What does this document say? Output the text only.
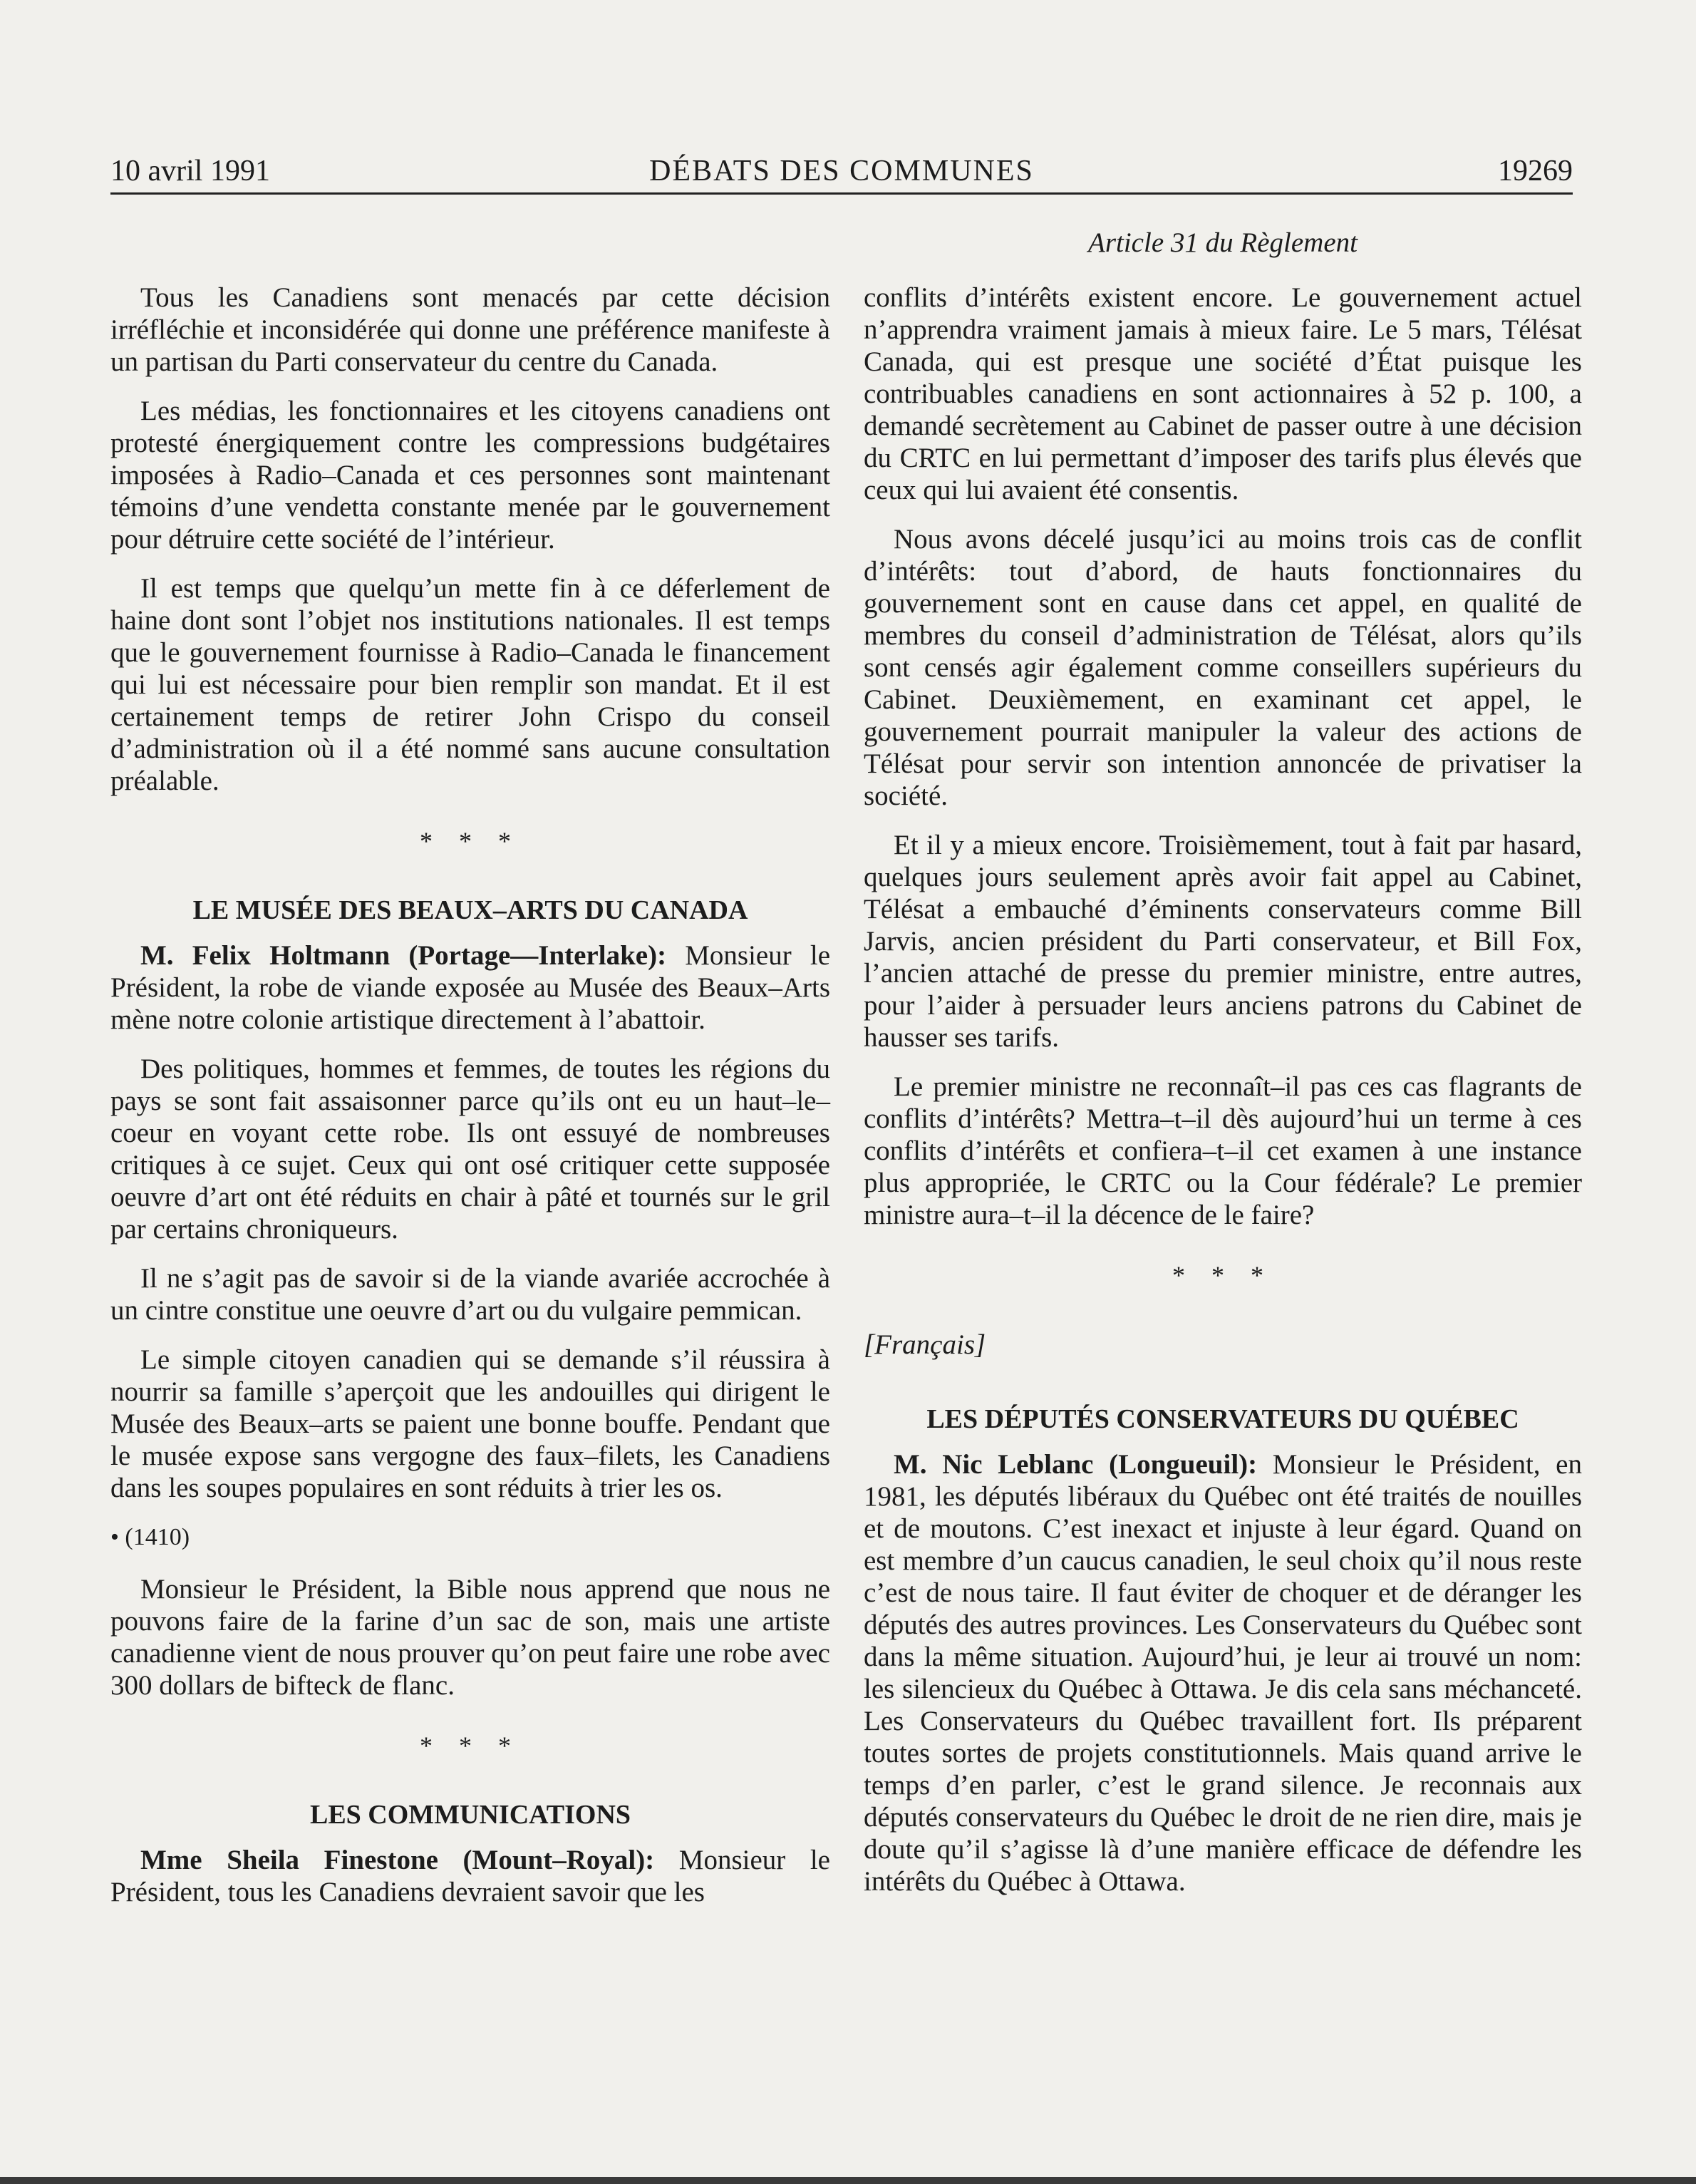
10 avril 1991	DÉBATS DES COMMUNES	19269
Article 31 du Règlement

Tous les Canadiens sont menacés par cette décision irréfléchie et inconsidérée qui donne une préférence manifeste à un partisan du Parti conservateur du centre du Canada.

Les médias, les fonctionnaires et les citoyens canadiens ont protesté énergiquement contre les compressions budgétaires imposées à Radio–Canada et ces personnes sont maintenant témoins d’une vendetta constante menée par le gouvernement pour détruire cette société de l’intérieur.

Il est temps que quelqu’un mette fin à ce déferlement de haine dont sont l’objet nos institutions nationales. Il est temps que le gouvernement fournisse à Radio–Canada le financement qui lui est nécessaire pour bien remplir son mandat. Et il est certainement temps de retirer John Crispo du conseil d’administration où il a été nommé sans aucune consultation préalable.

* * *
LE MUSÉE DES BEAUX–ARTS DU CANADA

M. Felix Holtmann (Portage—Interlake): Monsieur le Président, la robe de viande exposée au Musée des Beaux–Arts mène notre colonie artistique directement à l’abattoir.

Des politiques, hommes et femmes, de toutes les régions du pays se sont fait assaisonner parce qu’ils ont eu un haut–le–coeur en voyant cette robe. Ils ont essuyé de nombreuses critiques à ce sujet. Ceux qui ont osé critiquer cette supposée oeuvre d’art ont été réduits en chair à pâté et tournés sur le gril par certains chroniqueurs.

Il ne s’agit pas de savoir si de la viande avariée accrochée à un cintre constitue une oeuvre d’art ou du vulgaire pemmican.

Le simple citoyen canadien qui se demande s’il réussira à nourrir sa famille s’aperçoit que les andouilles qui dirigent le Musée des Beaux–arts se paient une bonne bouffe. Pendant que le musée expose sans vergogne des faux–filets, les Canadiens dans les soupes populaires en sont réduits à trier les os.

• (1410)

Monsieur le Président, la Bible nous apprend que nous ne pouvons faire de la farine d’un sac de son, mais une artiste canadienne vient de nous prouver qu’on peut faire une robe avec 300 dollars de bifteck de flanc.

* * *
LES COMMUNICATIONS

Mme Sheila Finestone (Mount–Royal): Monsieur le Président, tous les Canadiens devraient savoir que les

conflits d’intérêts existent encore. Le gouvernement actuel n’apprendra vraiment jamais à mieux faire. Le 5 mars, Télésat Canada, qui est presque une société d’État puisque les contribuables canadiens en sont actionnaires à 52 p. 100, a demandé secrètement au Cabinet de passer outre à une décision du CRTC en lui permettant d’imposer des tarifs plus élevés que ceux qui lui avaient été consentis.

Nous avons décelé jusqu’ici au moins trois cas de conflit d’intérêts: tout d’abord, de hauts fonctionnaires du gouvernement sont en cause dans cet appel, en qualité de membres du conseil d’administration de Télésat, alors qu’ils sont censés agir également comme conseillers supérieurs du Cabinet. Deuxièmement, en examinant cet appel, le gouvernement pourrait manipuler la valeur des actions de Télésat pour servir son intention annoncée de privatiser la société.

Et il y a mieux encore. Troisièmement, tout à fait par hasard, quelques jours seulement après avoir fait appel au Cabinet, Télésat a embauché d’éminents conservateurs comme Bill Jarvis, ancien président du Parti conservateur, et Bill Fox, l’ancien attaché de presse du premier ministre, entre autres, pour l’aider à persuader leurs anciens patrons du Cabinet de hausser ses tarifs.

Le premier ministre ne reconnaît–il pas ces cas flagrants de conflits d’intérêts? Mettra–t–il dès aujourd’hui un terme à ces conflits d’intérêts et confiera–t–il cet examen à une instance plus appropriée, le CRTC ou la Cour fédérale? Le premier ministre aura–t–il la décence de le faire?

* * *
[Français]
LES DÉPUTÉS CONSERVATEURS DU QUÉBEC

M. Nic Leblanc (Longueuil): Monsieur le Président, en 1981, les députés libéraux du Québec ont été traités de nouilles et de moutons. C’est inexact et injuste à leur égard. Quand on est membre d’un caucus canadien, le seul choix qu’il nous reste c’est de nous taire. Il faut éviter de choquer et de déranger les députés des autres provinces. Les Conservateurs du Québec sont dans la même situation. Aujourd’hui, je leur ai trouvé un nom: les silencieux du Québec à Ottawa. Je dis cela sans méchanceté. Les Conservateurs du Québec travaillent fort. Ils préparent toutes sortes de projets constitutionnels. Mais quand arrive le temps d’en parler, c’est le grand silence. Je reconnais aux députés conservateurs du Québec le droit de ne rien dire, mais je doute qu’il s’agisse là d’une manière efficace de défendre les intérêts du Québec à Ottawa.
